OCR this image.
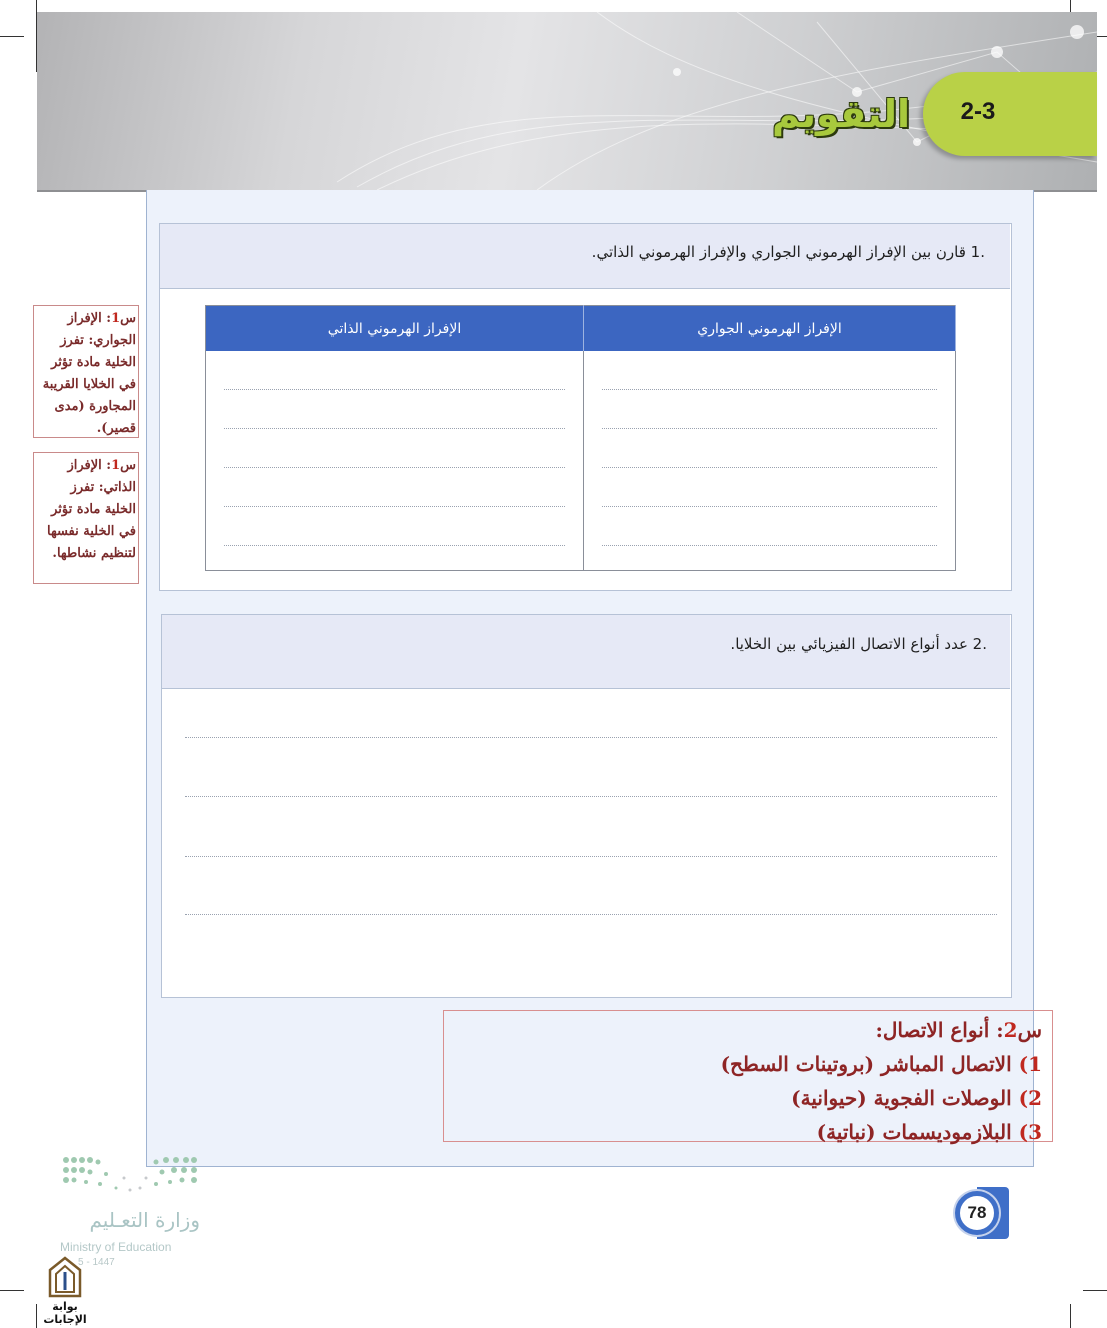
2-3
التقويم
.1 قارن بين الإفراز الهرموني الجواري والإفراز الهرموني الذاتي.
الإفراز الهرموني الذاتي	الإفراز الهرموني الجواري

.2 عدد أنواع الاتصال الفيزيائي بين الخلايا.
س1: الإفراز الجواري: تفرز الخلية مادة تؤثر في الخلايا القريبة المجاورة (مدى قصير).
س1: الإفراز الذاتي: تفرز الخلية مادة تؤثر في الخلية نفسها لتنظيم نشاطها.
س2: أنواع الاتصال:
1) الاتصال المباشر (بروتينات السطح)
2) الوصلات الفجوية (حيوانية)
3) البلازموديسمات (نباتية)
78
وزارة التعـليم
Ministry of Education
5 - 1447
بوابة الإجابات
